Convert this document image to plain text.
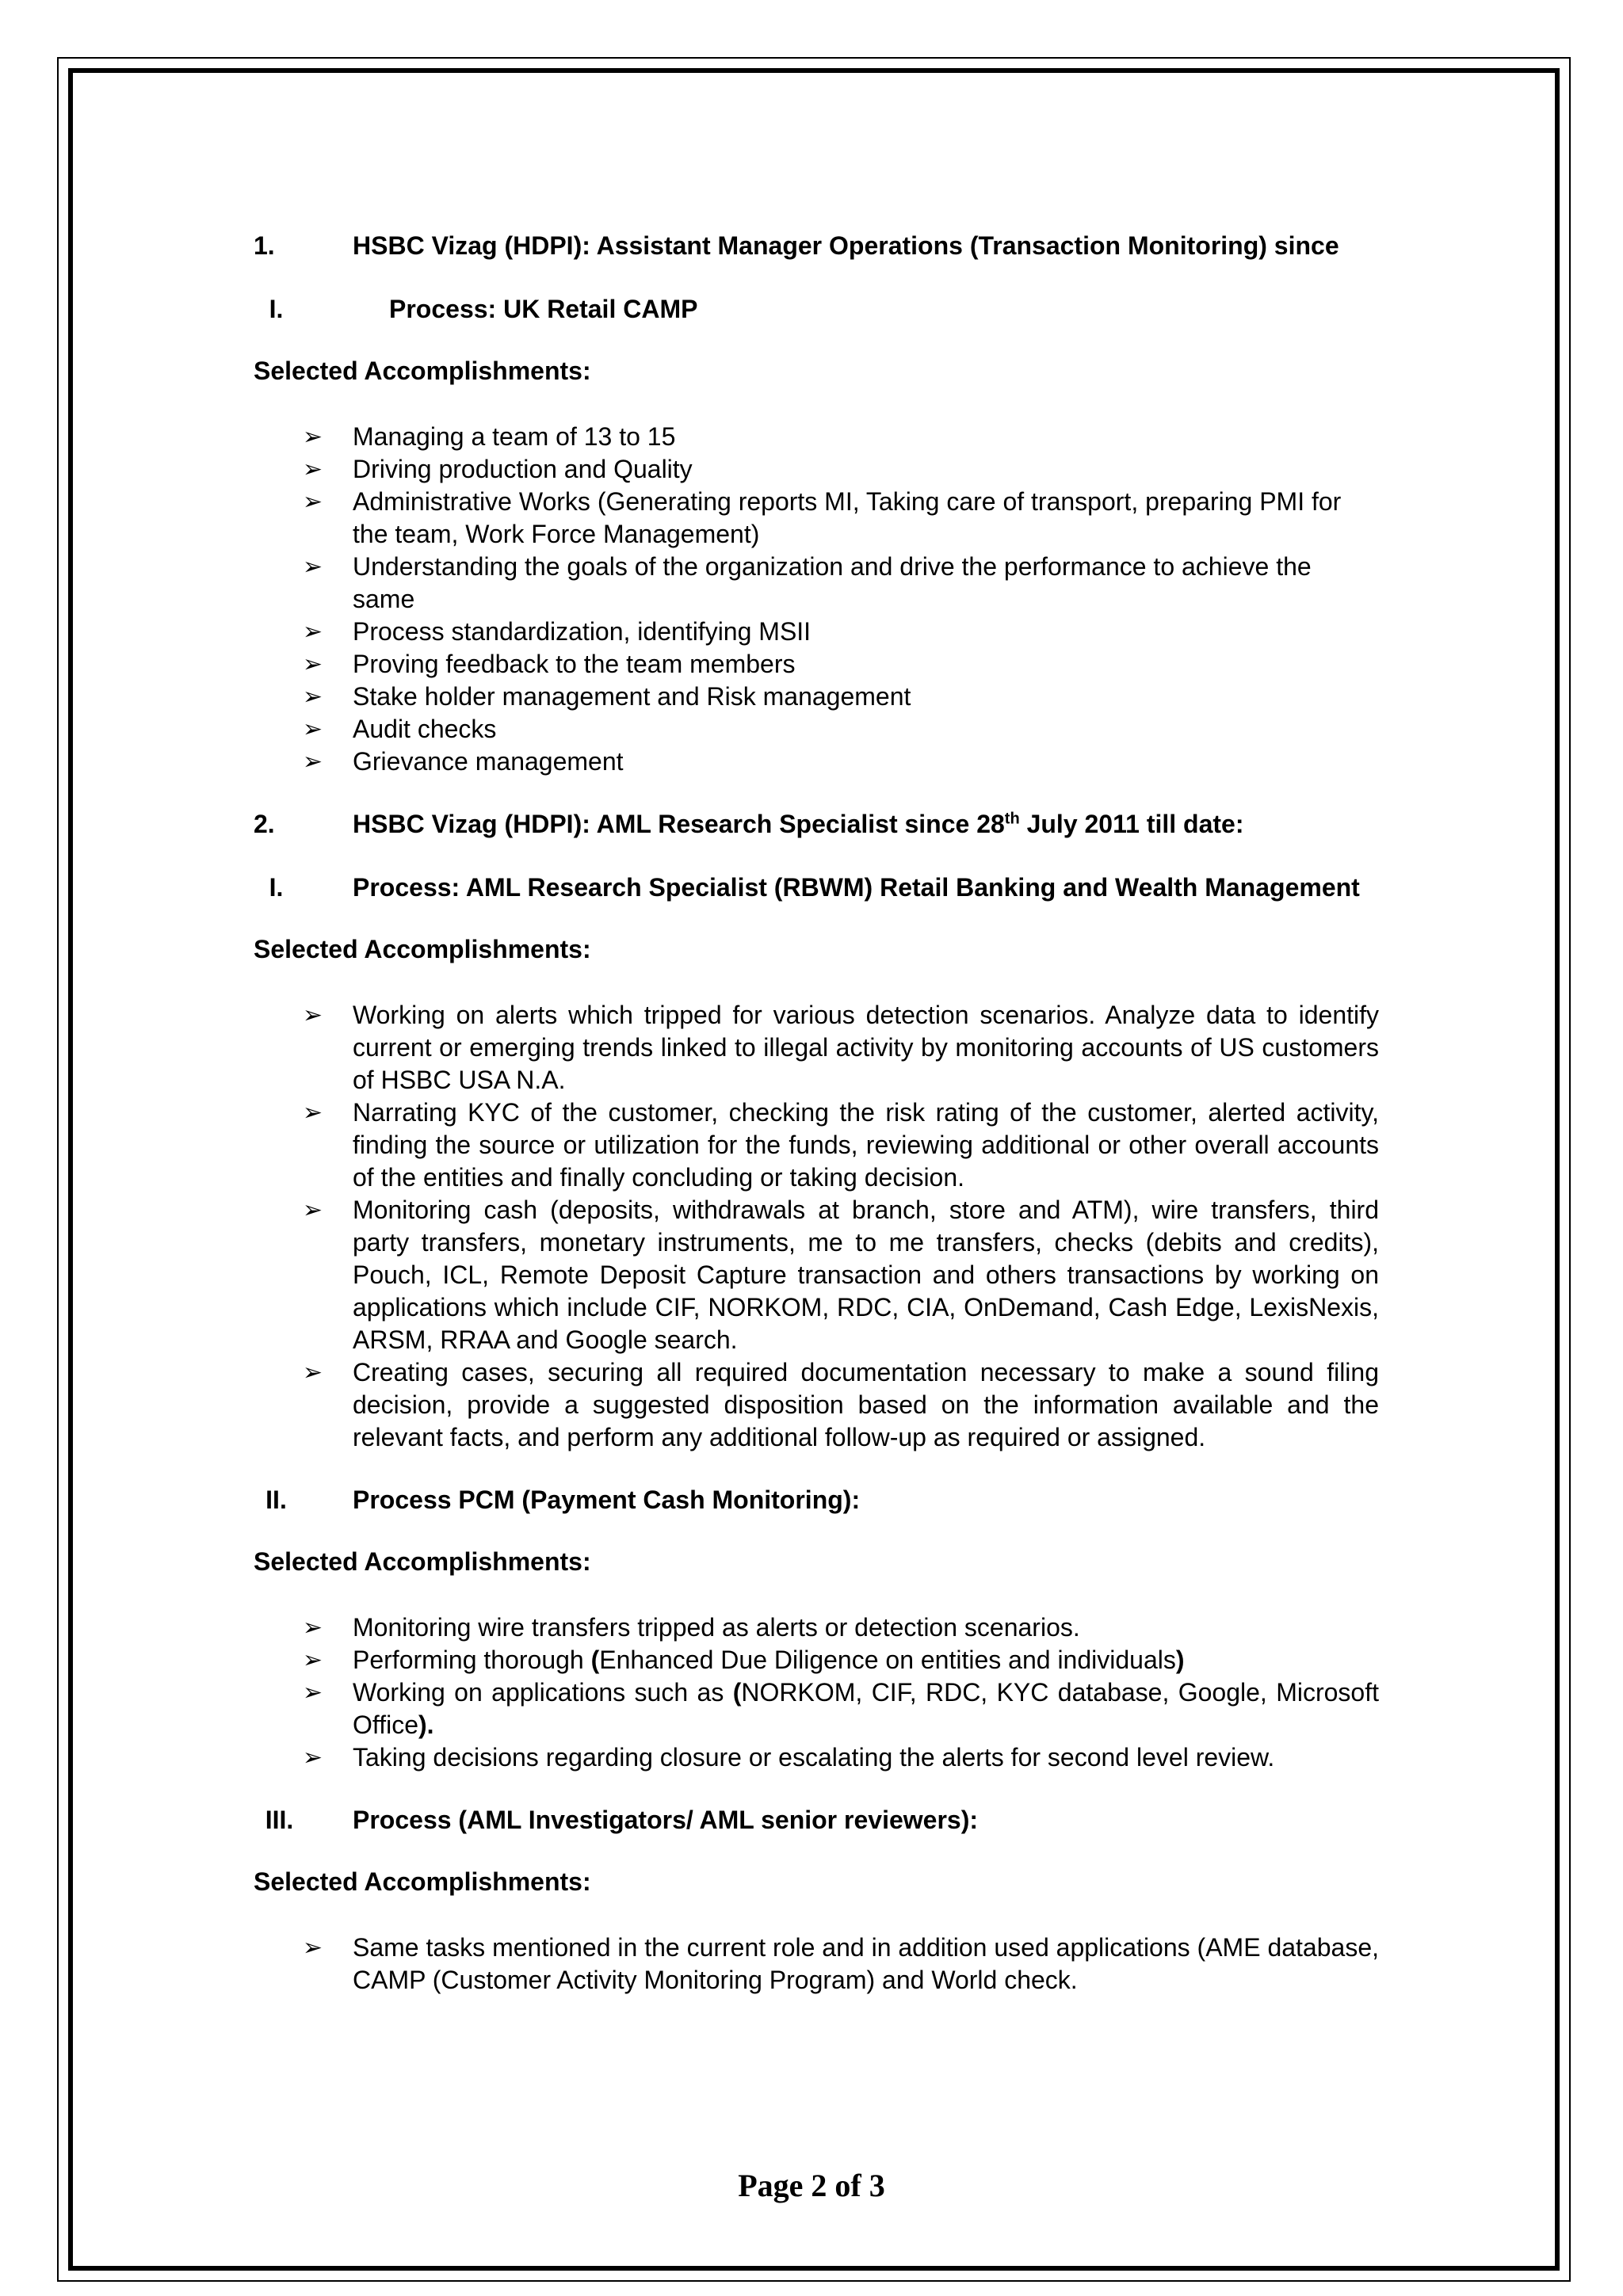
1.	HSBC Vizag (HDPI): Assistant Manager Operations (Transaction Monitoring) since
I.	Process: UK Retail CAMP
Selected Accomplishments:
➢	Managing a team of 13 to 15
➢	Driving production and Quality
➢	Administrative Works (Generating reports MI, Taking care of transport, preparing PMI for the team, Work Force Management)
➢	Understanding the goals of the organization and drive the performance to achieve the same
➢	Process standardization, identifying MSII
➢	Proving feedback to the team members
➢	Stake holder management and Risk management
➢	Audit checks
➢	Grievance management
2.	HSBC Vizag (HDPI): AML Research Specialist since 28th July 2011 till date:
I.	Process: AML Research Specialist (RBWM) Retail Banking and Wealth Management
Selected Accomplishments:
➢	Working on alerts which tripped for various detection scenarios. Analyze data to identify current or emerging trends linked to illegal activity by monitoring accounts of US customers of HSBC USA N.A.
➢	Narrating KYC of the customer, checking the risk rating of the customer, alerted activity, finding the source or utilization for the funds, reviewing additional or other overall accounts of the entities and finally concluding or taking decision.
➢	Monitoring cash (deposits, withdrawals at branch, store and ATM), wire transfers, third party transfers, monetary instruments, me to me transfers, checks (debits and credits), Pouch, ICL, Remote Deposit Capture transaction and others transactions by working on applications which include CIF, NORKOM, RDC, CIA, OnDemand, Cash Edge, LexisNexis, ARSM, RRAA and Google search.
➢	Creating cases, securing all required documentation necessary to make a sound filing decision, provide a suggested disposition based on the information available and the relevant facts, and perform any additional follow-up as required or assigned.
II.	Process PCM (Payment Cash Monitoring):
Selected Accomplishments:
➢	Monitoring wire transfers tripped as alerts or detection scenarios.
➢	Performing thorough (Enhanced Due Diligence on entities and individuals)
➢	Working on applications such as (NORKOM, CIF, RDC, KYC database, Google, Microsoft Office).
➢	Taking decisions regarding closure or escalating the alerts for second level review.
III.	Process (AML Investigators/ AML senior reviewers):
Selected Accomplishments:
➢	Same tasks mentioned in the current role and in addition used applications (AME database, CAMP (Customer Activity Monitoring Program) and World check.
Page 2 of 3
